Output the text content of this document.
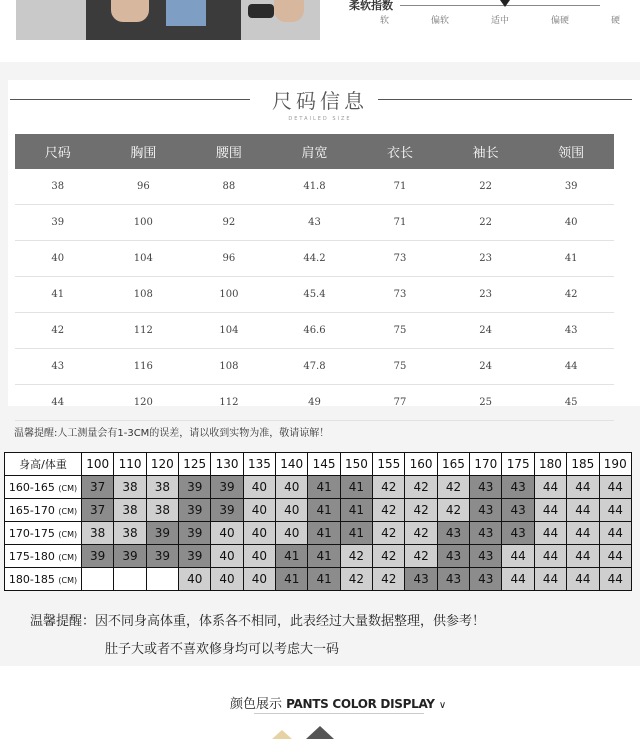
柔软指数
软	偏软	适中	偏硬	硬
尺码信息
DETAILED SIZE
尺码	胸围	腰围	肩宽	衣长	袖长	领围
38	96	88	41.8	71	22	39
39	100	92	43	71	22	40
40	104	96	44.2	73	23	41
41	108	100	45.4	73	23	42
42	112	104	46.6	75	24	43
43	116	108	47.8	75	24	44
44	120	112	49	77	25	45
温馨提醒:人工测量会有1-3CM的误差，请以收到实物为准，敬请谅解！
身高/体重	100	110	120	125	130	135	140	145	150	155	160	165	170	175	180	185	190
160-165 (CM)	37	38	38	39	39	40	40	41	41	42	42	42	43	43	44	44	44
165-170 (CM)	37	38	38	39	39	40	40	41	41	42	42	42	43	43	44	44	44
170-175 (CM)	38	38	39	39	40	40	40	41	41	42	42	43	43	43	44	44	44
175-180 (CM)	39	39	39	39	40	40	41	41	42	42	42	43	43	44	44	44	44
180-185 (CM)				40	40	40	41	41	42	42	43	43	43	44	44	44	44
温馨提醒：因不同身高体重，体系各不相同，此表经过大量数据整理，供参考！
肚子大或者不喜欢修身均可以考虑大一码
颜色展示 PANTS COLOR DISPLAY ∨
